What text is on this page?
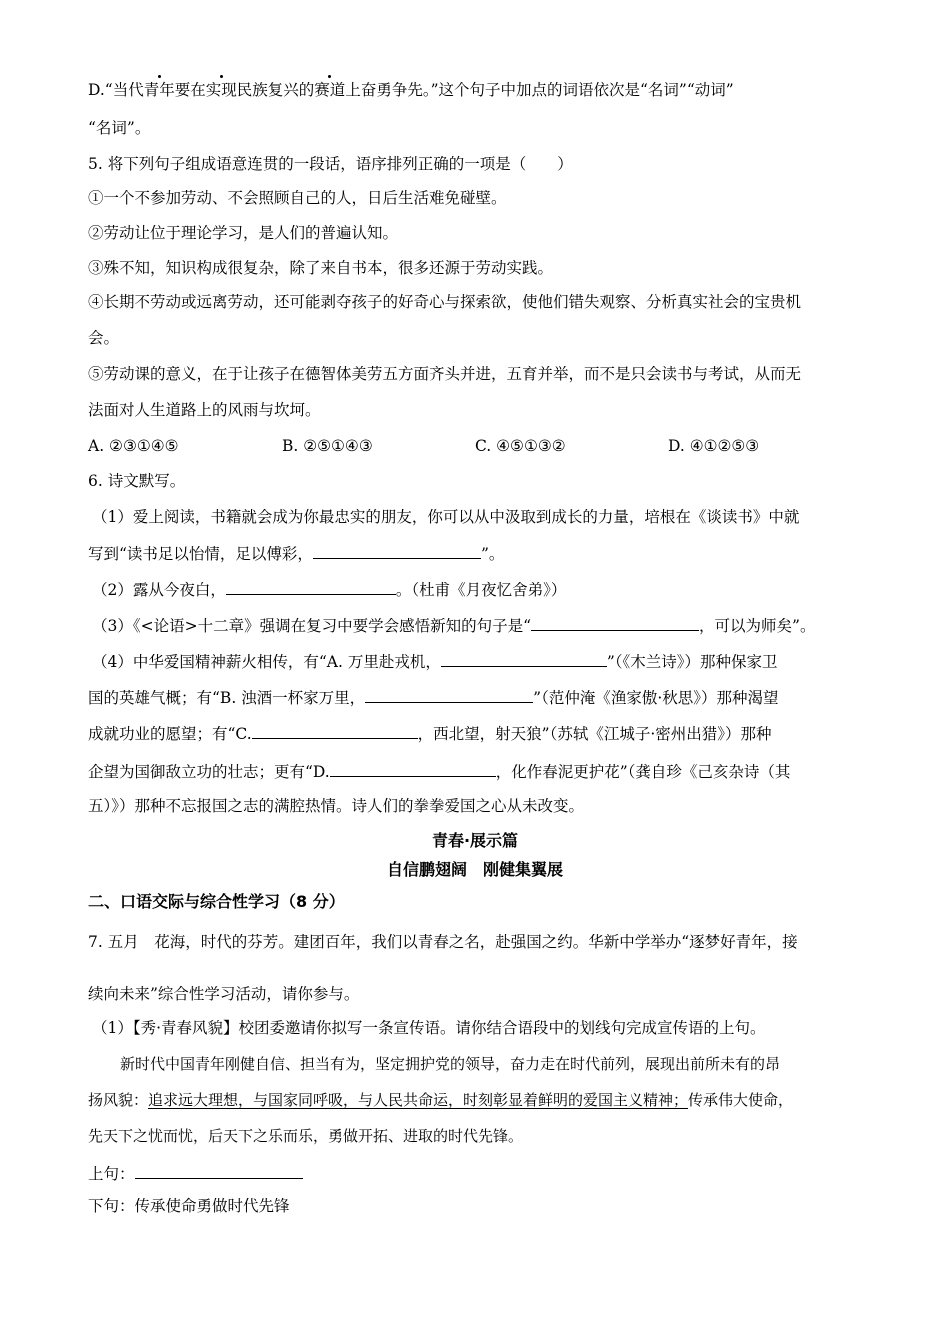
D.“当代青年要在实现民族复兴的赛道上奋勇争先。”这个句子中加点的词语依次是“名词”“动词”
“名词”。
5. 将下列句子组成语意连贯的一段话，语序排列正确的一项是（　　）
①一个不参加劳动、不会照顾自己的人，日后生活难免碰壁。
②劳动让位于理论学习，是人们的普遍认知。
③殊不知，知识构成很复杂，除了来自书本，很多还源于劳动实践。
④长期不劳动或远离劳动，还可能剥夺孩子的好奇心与探索欲，使他们错失观察、分析真实社会的宝贵机
会。
⑤劳动课的意义，在于让孩子在德智体美劳五方面齐头并进，五育并举，而不是只会读书与考试，从而无
法面对人生道路上的风雨与坎坷。
A. ②③①④⑤	B. ②⑤①④③	C. ④⑤①③②	D. ④①②⑤③
6. 诗文默写。
（1）爱上阅读，书籍就会成为你最忠实的朋友，你可以从中汲取到成长的力量，培根在《谈读书》中就
写到“读书足以怡情，足以傅彩，	”。
（2）露从今夜白，	。（杜甫《月夜忆舍弟》）
（3）《<论语>十二章》强调在复习中要学会感悟新知的句子是“	，可以为师矣”。
（4）中华爱国精神薪火相传，有“A. 万里赴戎机，	”（《木兰诗》）那种保家卫
国的英雄气概；有“B. 浊酒一杯家万里，	”（范仲淹《渔家傲·秋思》）那种渴望
成就功业的愿望；有“C.	，西北望，射天狼”（苏轼《江城子·密州出猎》）那种
企望为国御敌立功的壮志；更有“D.	，化作春泥更护花”（龚自珍《己亥杂诗（其
五）》）那种不忘报国之志的满腔热情。诗人们的拳拳爱国之心从未改变。
青春·展示篇
自信鹏翅阔　刚健集翼展
二、口语交际与综合性学习（8 分）
7. 五月　花海，时代的芬芳。建团百年，我们以青春之名，赴强国之约。华新中学举办“逐梦好青年，接
续向未来”综合性学习活动，请你参与。
（1）【秀·青春风貌】校团委邀请你拟写一条宣传语。请你结合语段中的划线句完成宣传语的上句。
新时代中国青年刚健自信、担当有为，坚定拥护党的领导，奋力走在时代前列，展现出前所未有的昂
扬风貌：追求远大理想，与国家同呼吸，与人民共命运，时刻彰显着鲜明的爱国主义精神；传承伟大使命，
先天下之忧而忧，后天下之乐而乐，勇做开拓、进取的时代先锋。
上句：
下句：传承使命勇做时代先锋
